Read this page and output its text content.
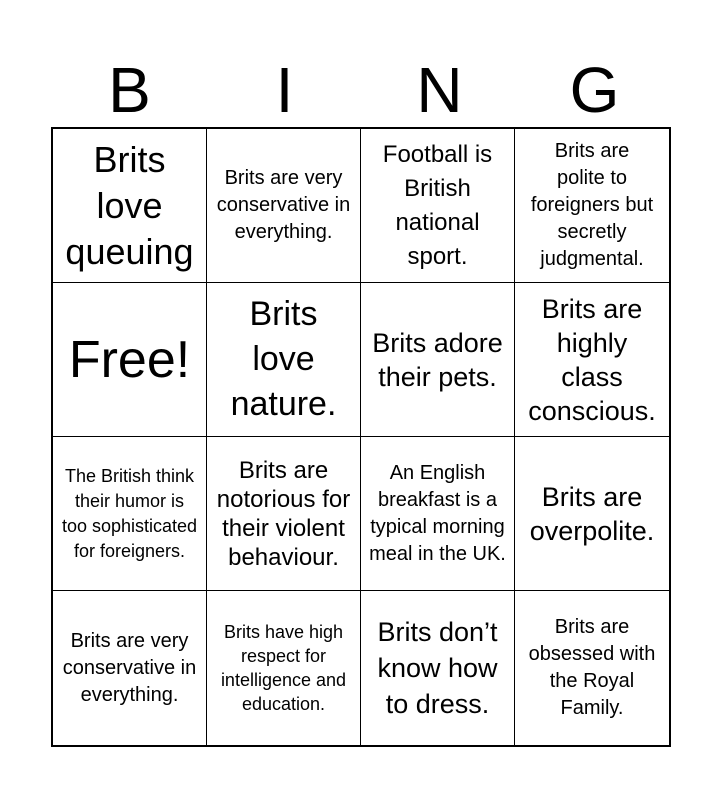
B	I	N	G
Brits love queuing
Brits are very conservative in everything.
Football is British national sport.
Brits are polite to foreigners but secretly judgmental.
Free!
Brits love nature.
Brits adore their pets.
Brits are highly class conscious.
The British think their humor is too sophisticated for foreigners.
Brits are notorious for their violent behaviour.
An English breakfast is a typical morning meal in the UK.
Brits are overpolite.
Brits are very conservative in everything.
Brits have high respect for intelligence and education.
Brits don’t know how to dress.
Brits are obsessed with the Royal Family.
